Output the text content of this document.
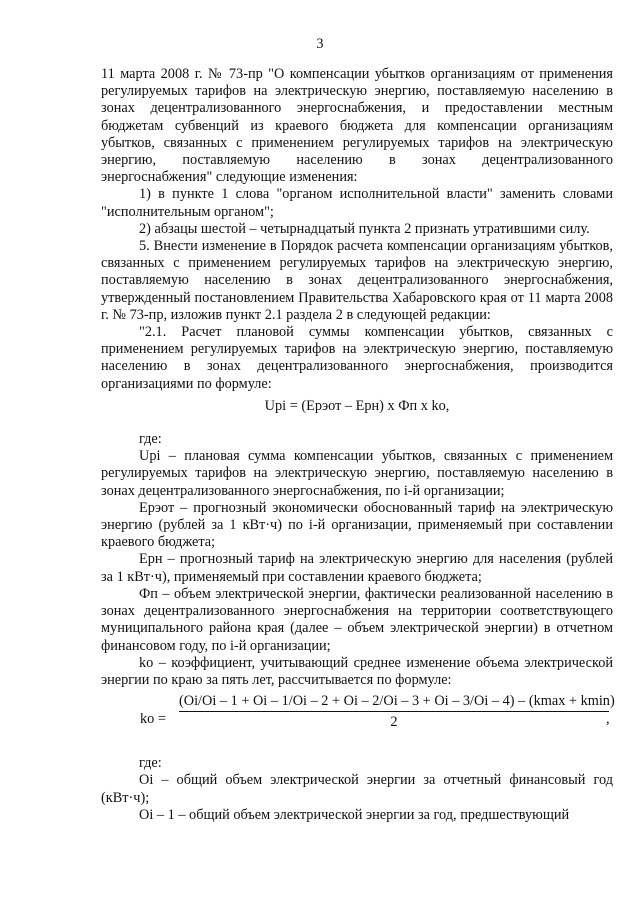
3

11 марта 2008 г. № 73-пр "О компенсации убытков организациям от применения регулируемых тарифов на электрическую энергию, поставляемую населению в зонах децентрализованного энергоснабжения, и предоставлении местным бюджетам субвенций из краевого бюджета для компенсации организациям убытков, связанных с применением регулируемых тарифов на электрическую энергию, поставляемую населению в зонах децентрализованного энергоснабжения" следующие изменения:

1) в пункте 1 слова "органом исполнительной власти" заменить словами "исполнительным органом";

2) абзацы шестой – четырнадцатый пункта 2 признать утратившими силу.

5. Внести изменение в Порядок расчета компенсации организациям убытков, связанных с применением регулируемых тарифов на электрическую энергию, поставляемую населению в зонах децентрализованного энергоснабжения, утвержденный постановлением Правительства Хабаровского края от 11 марта 2008 г. № 73-пр, изложив пункт 2.1 раздела 2 в следующей редакции:

"2.1. Расчет плановой суммы компенсации убытков, связанных с применением регулируемых тарифов на электрическую энергию, поставляемую населению в зонах децентрализованного энергоснабжения, производится организациями по формуле:

Upi = (Epэот – Epн) x Фп x kо,

где:

Upi – плановая сумма компенсации убытков, связанных с применением регулируемых тарифов на электрическую энергию, поставляемую населению в зонах децентрализованного энергоснабжения, по i-й организации;

Epэот – прогнозный экономически обоснованный тариф на электрическую энергию (рублей за 1 кВт·ч) по i-й организации, применяемый при составлении краевого бюджета;

Epн – прогнозный тариф на электрическую энергию для населения (рублей за 1 кВт·ч), применяемый при составлении краевого бюджета;

Фп – объем электрической энергии, фактически реализованной населению в зонах децентрализованного энергоснабжения на территории соответствующего муниципального района края (далее – объем электрической энергии) в отчетном финансовом году, по i-й организации;

kо – коэффициент, учитывающий среднее изменение объема электрической энергии по краю за пять лет, рассчитывается по формуле:

kо =
(Oi/Oi – 1 + Oi – 1/Oi – 2 + Oi – 2/Oi – 3 + Oi – 3/Oi – 4) – (kmax + kmin)
2	,

где:

Oi – общий объем электрической энергии за отчетный финансовый год (кВт·ч);

Oi – 1 – общий объем электрической энергии за год, предшествующий
